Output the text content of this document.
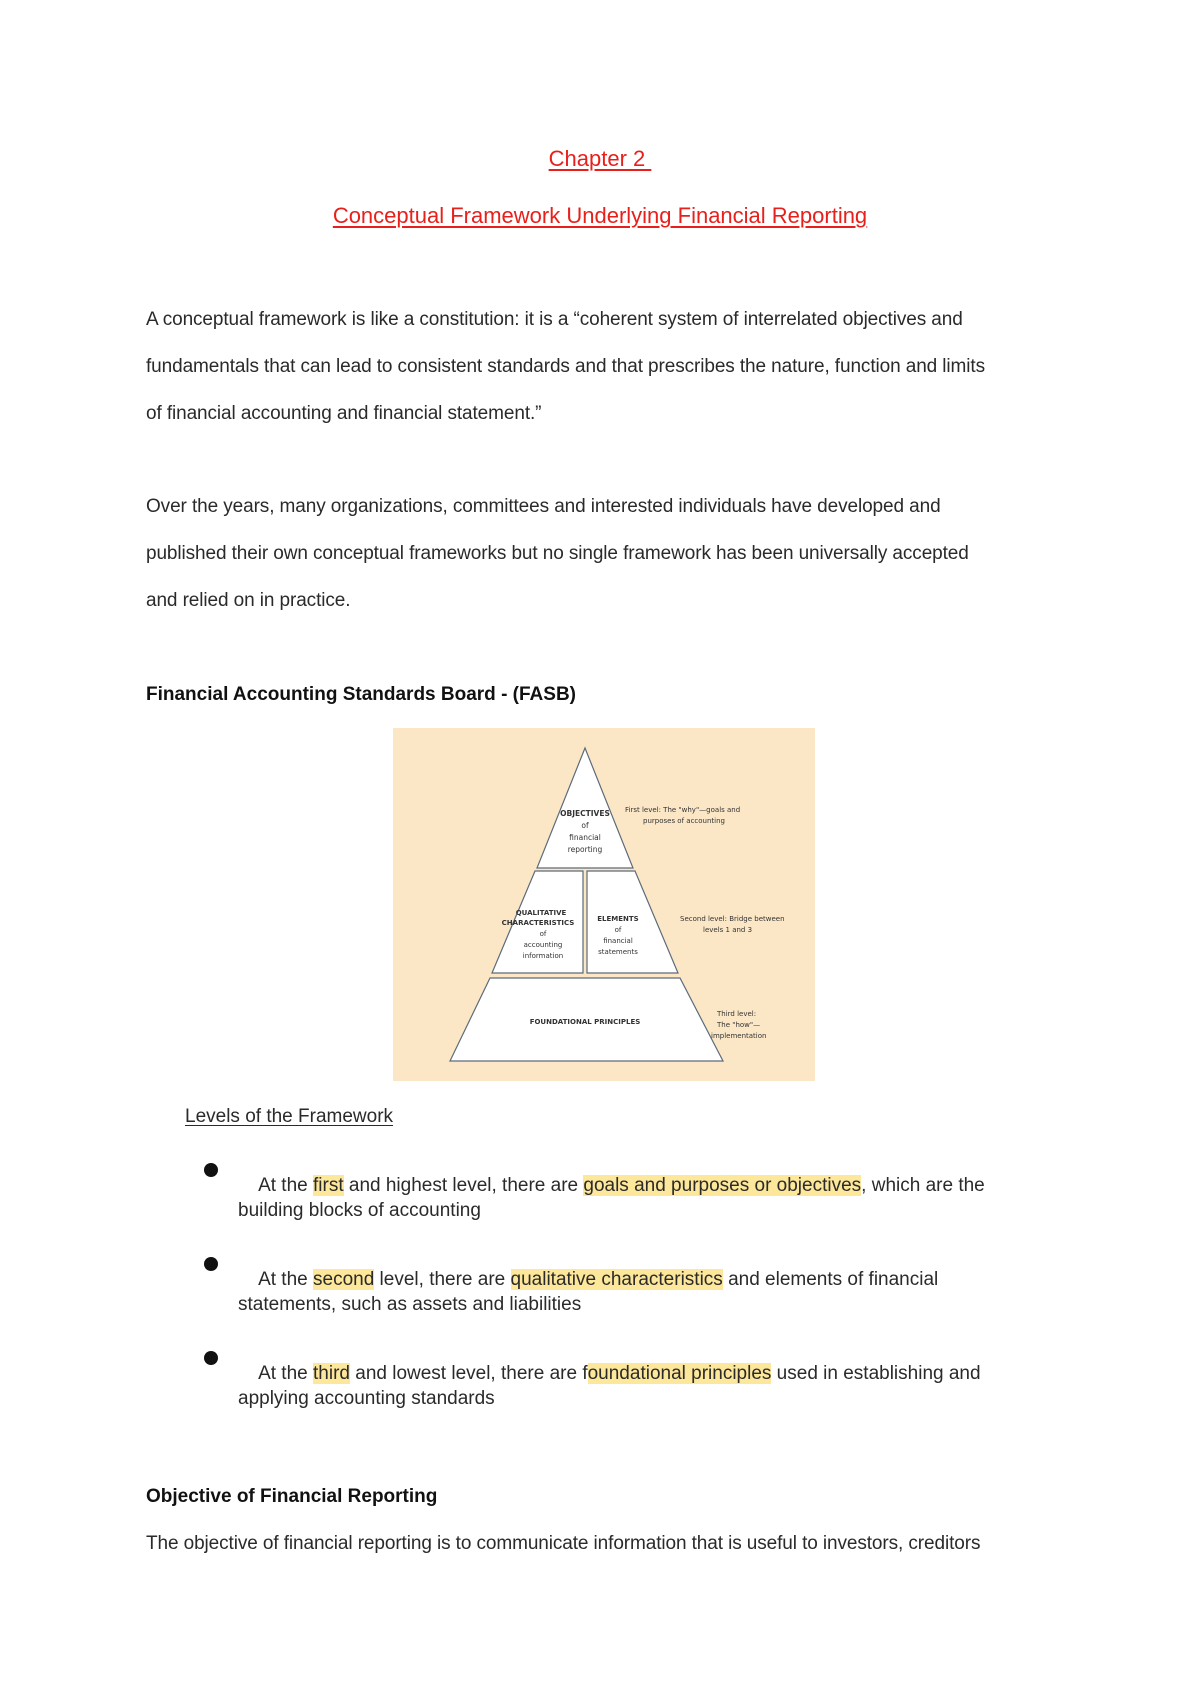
Chapter 2
Conceptual Framework Underlying Financial Reporting
A conceptual framework is like a constitution: it is a “coherent system of interrelated objectives and
fundamentals that can lead to consistent standards and that prescribes the nature, function and limits
of financial accounting and financial statement.”
Over the years, many organizations, committees and interested individuals have developed and
published their own conceptual frameworks but no single framework has been universally accepted
and relied on in practice.
Financial Accounting Standards Board - (FASB)
OBJECTIVES
of
financial
reporting
QUALITATIVE
CHARACTERISTICS
of
accounting
information
ELEMENTS
of
financial
statements
FOUNDATIONAL PRINCIPLES
First level: The "why"—goals and
purposes of accounting
Second level: Bridge between
levels 1 and 3
Third level:
The "how"—
implementation
Levels of the Framework

At the first and highest level, there are goals and purposes or objectives, which are the

building blocks of accounting

At the second level, there are qualitative characteristics and elements of financial

statements, such as assets and liabilities

At the third and lowest level, there are foundational principles used in establishing and

applying accounting standards
Objective of Financial Reporting
The objective of financial reporting is to communicate information that is useful to investors, creditors
